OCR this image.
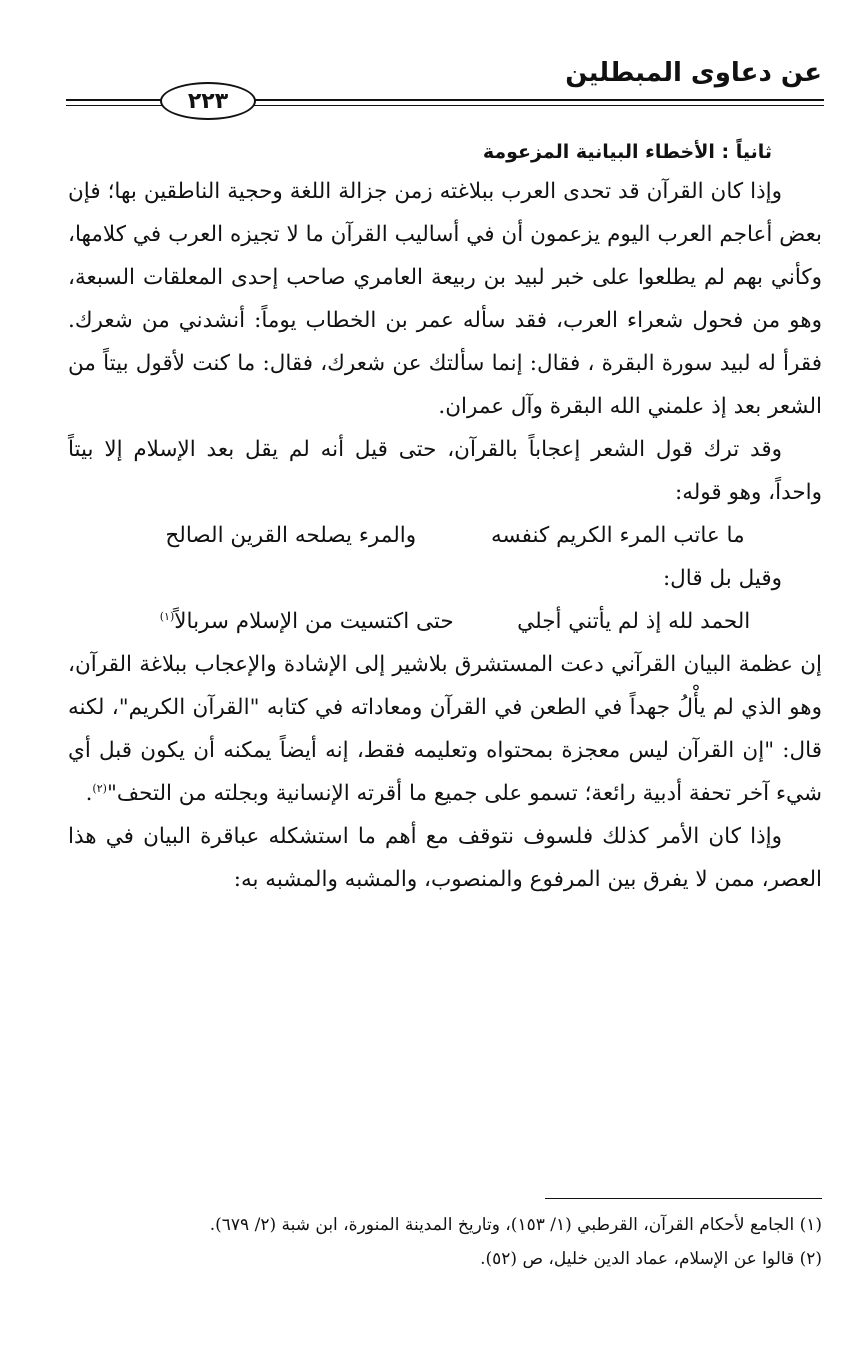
عن دعاوى المبطلين
٢٢٣
ثانياً : الأخطاء البيانية المزعومة

وإذا كان القرآن قد تحدى العرب ببلاغته زمن جزالة اللغة وحجية الناطقين بها؛ فإن بعض أعاجم العرب اليوم يزعمون أن في أساليب القرآن ما لا تجيزه العرب في كلامها، وكأني بهم لم يطلعوا على خبر لبيد بن ربيعة العامري صاحب إحدى المعلقات السبعة، وهو من فحول شعراء العرب، فقد سأله عمر بن الخطاب يوماً: أنشدني من شعرك. فقرأ له لبيد سورة البقرة ، فقال: إنما سألتك عن شعرك، فقال: ما كنت لأقول بيتاً من الشعر بعد إذ علمني الله البقرة وآل عمران.

وقد ترك قول الشعر إعجاباً بالقرآن، حتى قيل أنه لم يقل بعد الإسلام إلا بيتاً واحداً، وهو قوله:

ما عاتب المرء الكريم كنفسه
والمرء يصلحه القرين الصالح

وقيل بل قال:

الحمد لله إذ لم يأتني أجلي
حتى اكتسيت من الإسلام سربالاً$^{(١)}$

إن عظمة البيان القرآني دعت المستشرق بلاشير إلى الإشادة والإعجاب ببلاغة القرآن، وهو الذي لم يأْلُ جهداً في الطعن في القرآن ومعاداته في كتابه "القرآن الكريم"، لكنه قال: "إن القرآن ليس معجزة بمحتواه وتعليمه فقط، إنه أيضاً يمكنه أن يكون قبل أي شيء آخر تحفة أدبية رائعة؛ تسمو على جميع ما أقرته الإنسانية وبجلته من التحف"$^{(٢)}$.

وإذا كان الأمر كذلك فلسوف نتوقف مع أهم ما استشكله عباقرة البيان في هذا العصر، ممن لا يفرق بين المرفوع والمنصوب، والمشبه والمشبه به:

(١) الجامع لأحكام القرآن، القرطبي (١/ ١٥٣)، وتاريخ المدينة المنورة، ابن شبة (٢/ ٦٧٩).

(٢) قالوا عن الإسلام، عماد الدين خليل، ص (٥٢).
